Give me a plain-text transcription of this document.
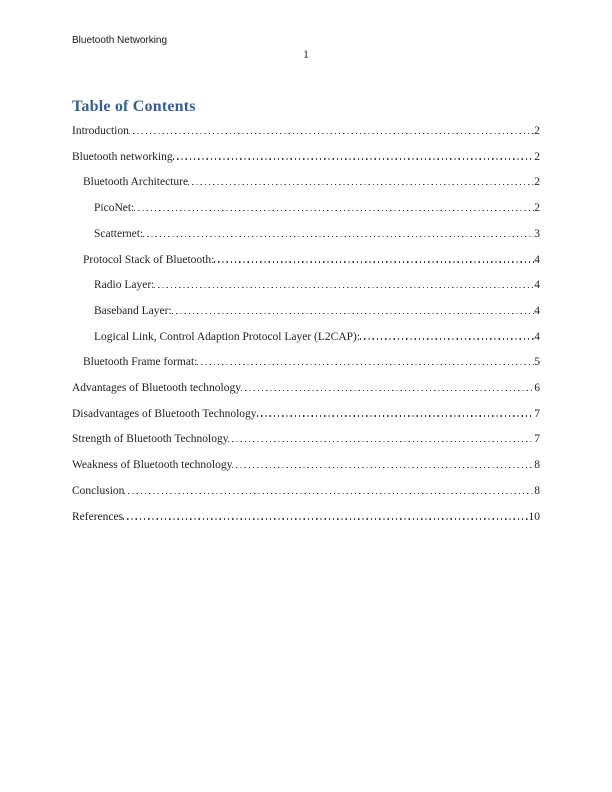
Bluetooth Networking
1
Table of Contents
Introduction	2
Bluetooth networking	2
Bluetooth Architecture	2
PicoNet:	2
Scatternet:	3
Protocol Stack of Bluetooth:	4
Radio Layer:	4
Baseband Layer:	4
Logical Link, Control Adaption Protocol Layer (L2CAP):	4
Bluetooth Frame format:	5
Advantages of Bluetooth technology	6
Disadvantages of Bluetooth Technology	7
Strength of Bluetooth Technology	7
Weakness of Bluetooth technology	8
Conclusion	8
References	10
